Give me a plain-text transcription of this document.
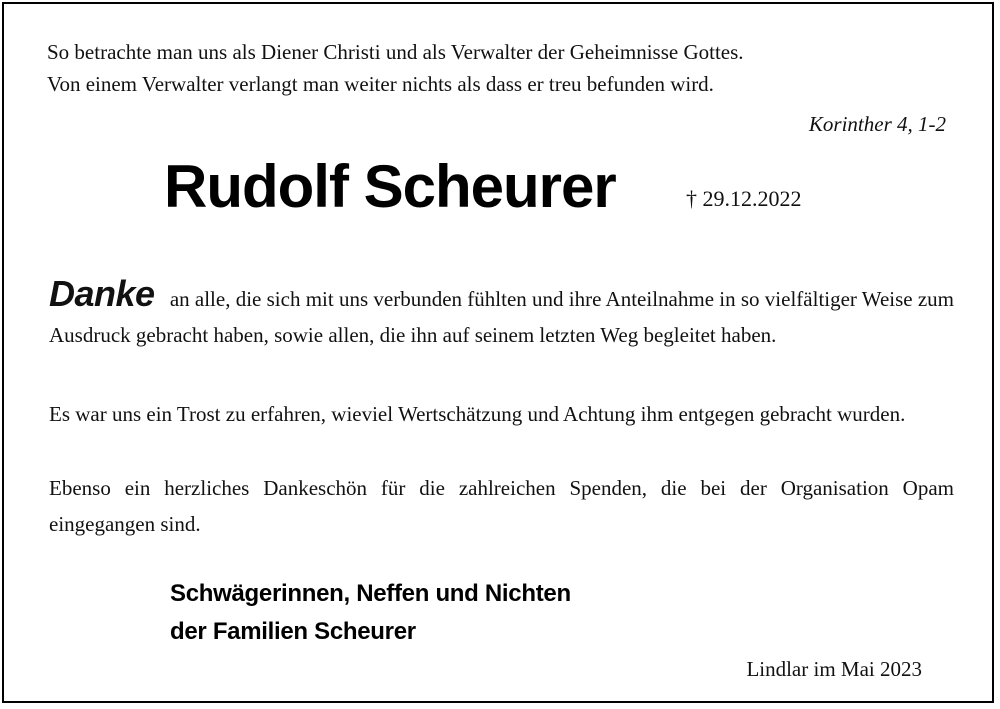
So betrachte man uns als Diener Christi und als Verwalter der Geheimnisse Gottes.
Von einem Verwalter verlangt man weiter nichts als dass er treu befunden wird.
Korinther 4, 1-2
Rudolf Scheurer	† 29.12.2022

Danke an alle, die sich mit uns verbunden fühlten und ihre Anteilnahme in so vielfältiger Weise zum Ausdruck gebracht haben, sowie allen, die ihn auf seinem letzten Weg begleitet haben.

Es war uns ein Trost zu erfahren, wieviel Wertschätzung und Achtung ihm entgegen gebracht wurden.

Ebenso ein herzliches Dankeschön für die zahlreichen Spenden, die bei der Organisation Opam eingegangen sind.

Schwägerinnen, Neffen und Nichten
der Familien Scheurer
Lindlar im Mai 2023
